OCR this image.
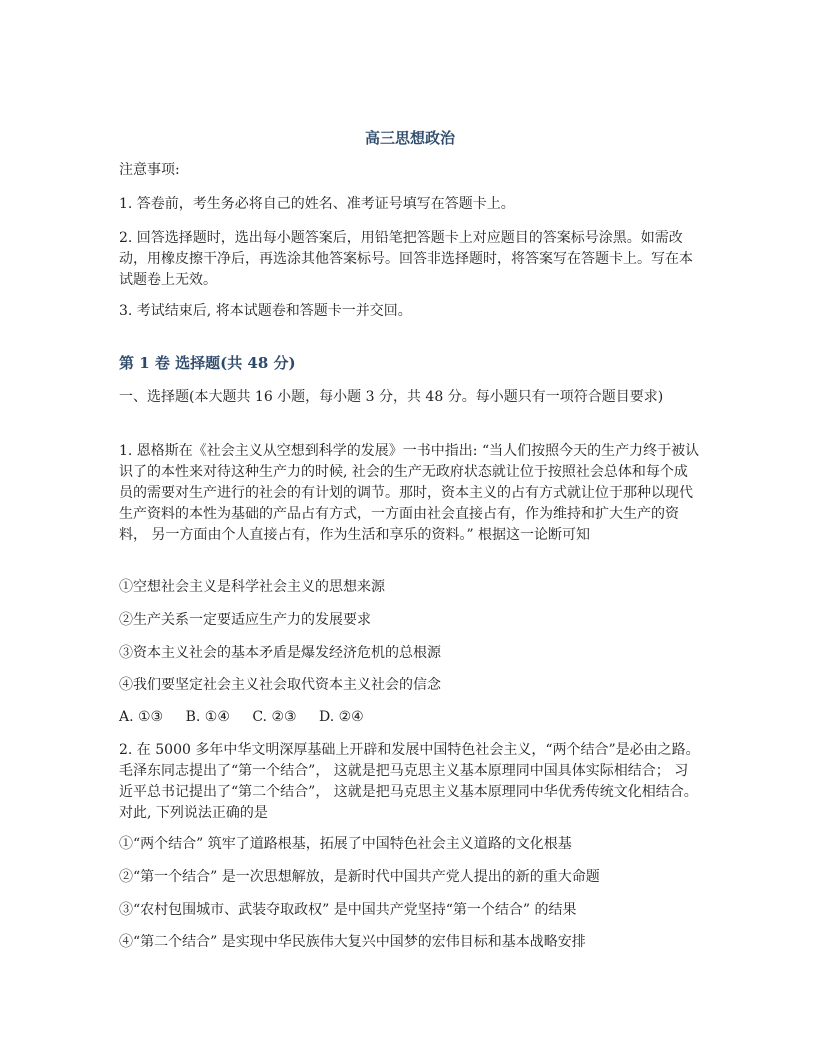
高三思想政治
注意事项:
1. 答卷前，考生务必将自己的姓名、准考证号填写在答题卡上。
2. 回答选择题时，选出每小题答案后，用铅笔把答题卡上对应题目的答案标号涂黑。如需改动，用橡皮擦干净后，再选涂其他答案标号。回答非选择题时，将答案写在答题卡上。写在本试题卷上无效。
3. 考试结束后, 将本试题卷和答题卡一并交回。
第 1 卷 选择题(共 48 分)
一、选择题(本大题共 16 小题，每小题 3 分，共 48 分。每小题只有一项符合题目要求)
1. 恩格斯在《社会主义从空想到科学的发展》一书中指出: “当人们按照今天的生产力终于被认识了的本性来对待这种生产力的时候, 社会的生产无政府状态就让位于按照社会总体和每个成员的需要对生产进行的社会的有计划的调节。那时，资本主义的占有方式就让位于那种以现代生产资料的本性为基础的产品占有方式，一方面由社会直接占有，作为维持和扩大生产的资料， 另一方面由个人直接占有，作为生活和享乐的资料。” 根据这一论断可知
①空想社会主义是科学社会主义的思想来源
②生产关系一定要适应生产力的发展要求
③资本主义社会的基本矛盾是爆发经济危机的总根源
④我们要坚定社会主义社会取代资本主义社会的信念
A. ①③ B. ①④ C. ②③ D. ②④
2. 在 5000 多年中华文明深厚基础上开辟和发展中国特色社会主义，“两个结合”是必由之路。 毛泽东同志提出了“第一个结合”， 这就是把马克思主义基本原理同中国具体实际相结合； 习近平总书记提出了“第二个结合”， 这就是把马克思主义基本原理同中华优秀传统文化相结合。对此, 下列说法正确的是
①“两个结合” 筑牢了道路根基，拓展了中国特色社会主义道路的文化根基
②“第一个结合” 是一次思想解放，是新时代中国共产党人提出的新的重大命题
③“农村包围城市、武装夺取政权” 是中国共产党坚持“第一个结合” 的结果
④“第二个结合” 是实现中华民族伟大复兴中国梦的宏伟目标和基本战略安排
